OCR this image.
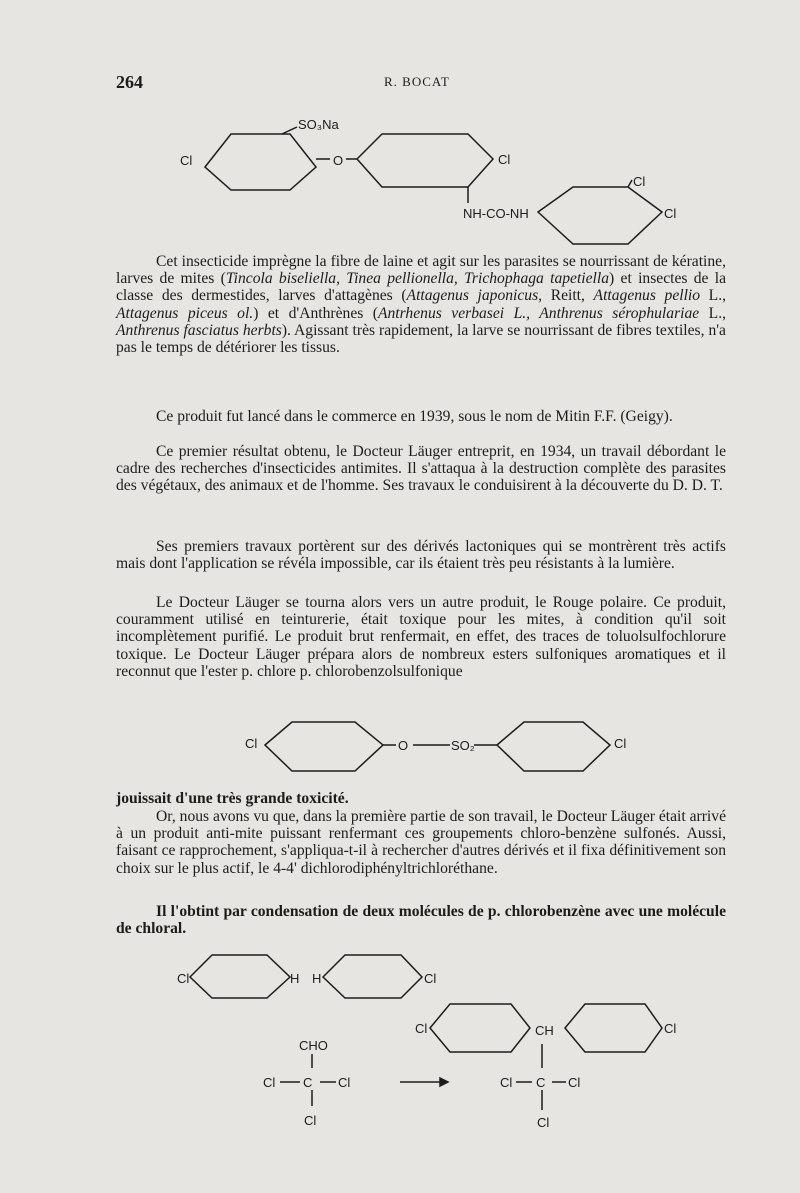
264	R. BOCAT
SO₃Na
Cl	O	Cl
Cl
NH-CO-NH	Cl

Cet insecticide imprègne la fibre de laine et agit sur les parasites se nourrissant de kératine, larves de mites (Tincola biseliella, Tinea pellionella, Trichophaga tapetiella) et insectes de la classe des dermestides, larves d'attagènes (Attagenus japonicus, Reitt, Attagenus pellio L., Attagenus piceus ol.) et d'Anthrènes (Antrhenus verbasei L., Anthrenus sérophulariae L., Anthrenus fasciatus herbts). Agissant très rapidement, la larve se nourrissant de fibres textiles, n'a pas le temps de détériorer les tissus.

Ce produit fut lancé dans le commerce en 1939, sous le nom de Mitin F.F. (Geigy).

Ce premier résultat obtenu, le Docteur Läuger entreprit, en 1934, un travail débordant le cadre des recherches d'insecticides antimites. Il s'attaqua à la destruction complète des parasites des végétaux, des animaux et de l'homme. Ses travaux le conduisirent à la découverte du D. D. T.

Ses premiers travaux portèrent sur des dérivés lactoniques qui se montrèrent très actifs mais dont l'application se révéla impossible, car ils étaient très peu résistants à la lumière.

Le Docteur Läuger se tourna alors vers un autre produit, le Rouge polaire. Ce produit, couramment utilisé en teinturerie, était toxique pour les mites, à condition qu'il soit incomplètement purifié. Le produit brut renfermait, en effet, des traces de toluolsulfochlorure toxique. Le Docteur Läuger prépara alors de nombreux esters sulfoniques aromatiques et il reconnut que l'ester p. chlore p. chlorobenzolsulfonique

Cl	O	SO₂	Cl

jouissait d'une très grande toxicité.

Or, nous avons vu que, dans la première partie de son travail, le Docteur Läuger était arrivé à un produit anti-mite puissant renfermant ces groupements chloro-benzène sulfonés. Aussi, faisant ce rapprochement, s'appliqua-t-il à rechercher d'autres dérivés et il fixa définitivement son choix sur le plus actif, le 4-4' dichlorodiphényltrichloréthane.

Il l'obtint par condensation de deux molécules de p. chlorobenzène avec une molécule de chloral.

Cl	H H	Cl
CHO
Cl C Cl
Cl
Cl	CH	Cl
Cl C Cl
Cl
